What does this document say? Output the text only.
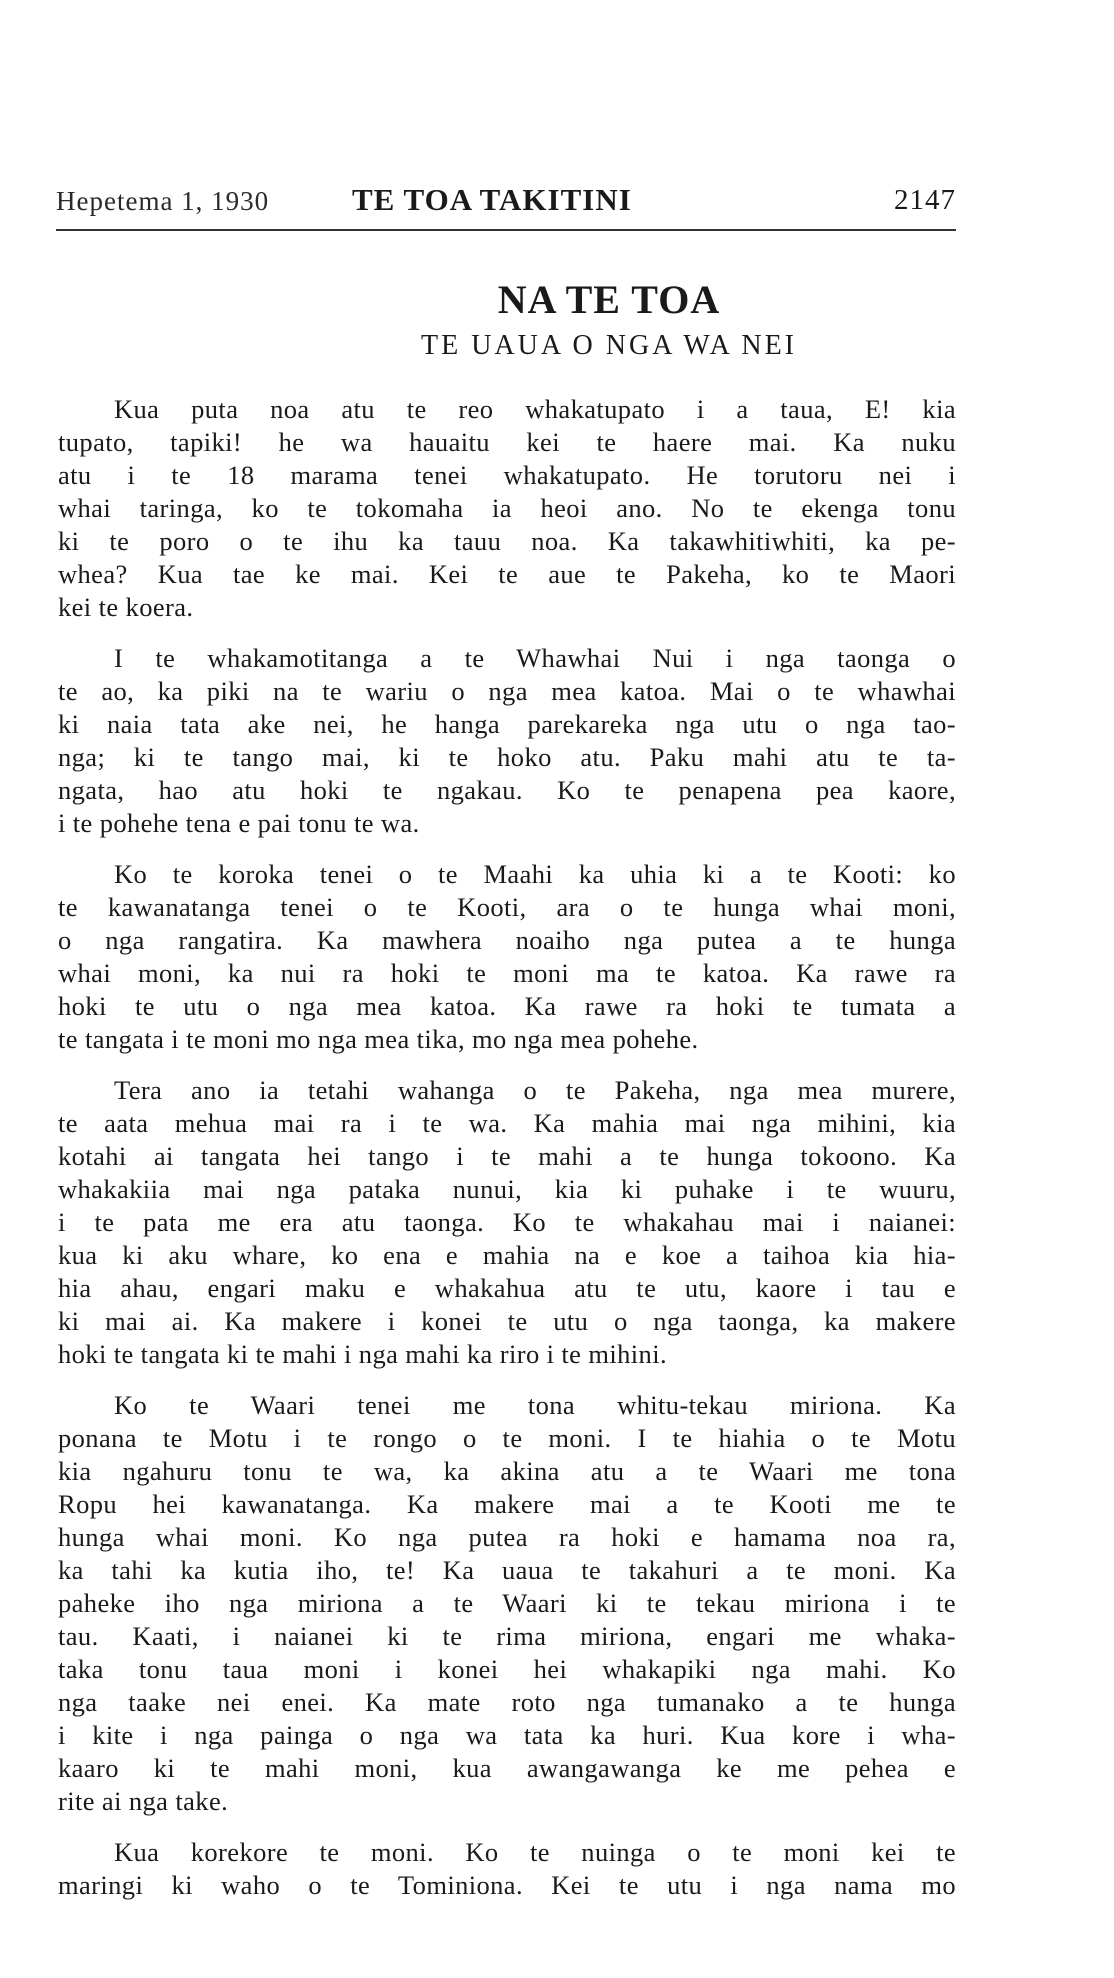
Hepetema 1, 1930	TE TOA TAKITINI	2147
NA TE TOA
TE UAUA O NGA WA NEI
Kua puta noa atu te reo whakatupato i a taua, E! kia
tupato, tapiki! he wa hauaitu kei te haere mai. Ka nuku
atu i te 18 marama tenei whakatupato. He torutoru nei i
whai taringa, ko te tokomaha ia heoi ano. No te ekenga tonu
ki te poro o te ihu ka tauu noa. Ka takawhitiwhiti, ka pe-
whea? Kua tae ke mai. Kei te aue te Pakeha, ko te Maori
kei te koera.
I te whakamotitanga a te Whawhai Nui i nga taonga o
te ao, ka piki na te wariu o nga mea katoa. Mai o te whawhai
ki naia tata ake nei, he hanga parekareka nga utu o nga tao-
nga; ki te tango mai, ki te hoko atu. Paku mahi atu te ta-
ngata, hao atu hoki te ngakau. Ko te penapena pea kaore,
i te pohehe tena e pai tonu te wa.
Ko te koroka tenei o te Maahi ka uhia ki a te Kooti: ko
te kawanatanga tenei o te Kooti, ara o te hunga whai moni,
o nga rangatira. Ka mawhera noaiho nga putea a te hunga
whai moni, ka nui ra hoki te moni ma te katoa. Ka rawe ra
hoki te utu o nga mea katoa. Ka rawe ra hoki te tumata a
te tangata i te moni mo nga mea tika, mo nga mea pohehe.
Tera ano ia tetahi wahanga o te Pakeha, nga mea murere,
te aata mehua mai ra i te wa. Ka mahia mai nga mihini, kia
kotahi ai tangata hei tango i te mahi a te hunga tokoono. Ka
whakakiia mai nga pataka nunui, kia ki puhake i te wuuru,
i te pata me era atu taonga. Ko te whakahau mai i naianei:
kua ki aku whare, ko ena e mahia na e koe a taihoa kia hia-
hia ahau, engari maku e whakahua atu te utu, kaore i tau e
ki mai ai. Ka makere i konei te utu o nga taonga, ka makere
hoki te tangata ki te mahi i nga mahi ka riro i te mihini.
Ko te Waari tenei me tona whitu-tekau miriona. Ka
ponana te Motu i te rongo o te moni. I te hiahia o te Motu
kia ngahuru tonu te wa, ka akina atu a te Waari me tona
Ropu hei kawanatanga. Ka makere mai a te Kooti me te
hunga whai moni. Ko nga putea ra hoki e hamama noa ra,
ka tahi ka kutia iho, te! Ka uaua te takahuri a te moni. Ka
paheke iho nga miriona a te Waari ki te tekau miriona i te
tau. Kaati, i naianei ki te rima miriona, engari me whaka-
taka tonu taua moni i konei hei whakapiki nga mahi. Ko
nga taake nei enei. Ka mate roto nga tumanako a te hunga
i kite i nga painga o nga wa tata ka huri. Kua kore i wha-
kaaro ki te mahi moni, kua awangawanga ke me pehea e
rite ai nga take.
Kua korekore te moni. Ko te nuinga o te moni kei te
maringi ki waho o te Tominiona. Kei te utu i nga nama mo
